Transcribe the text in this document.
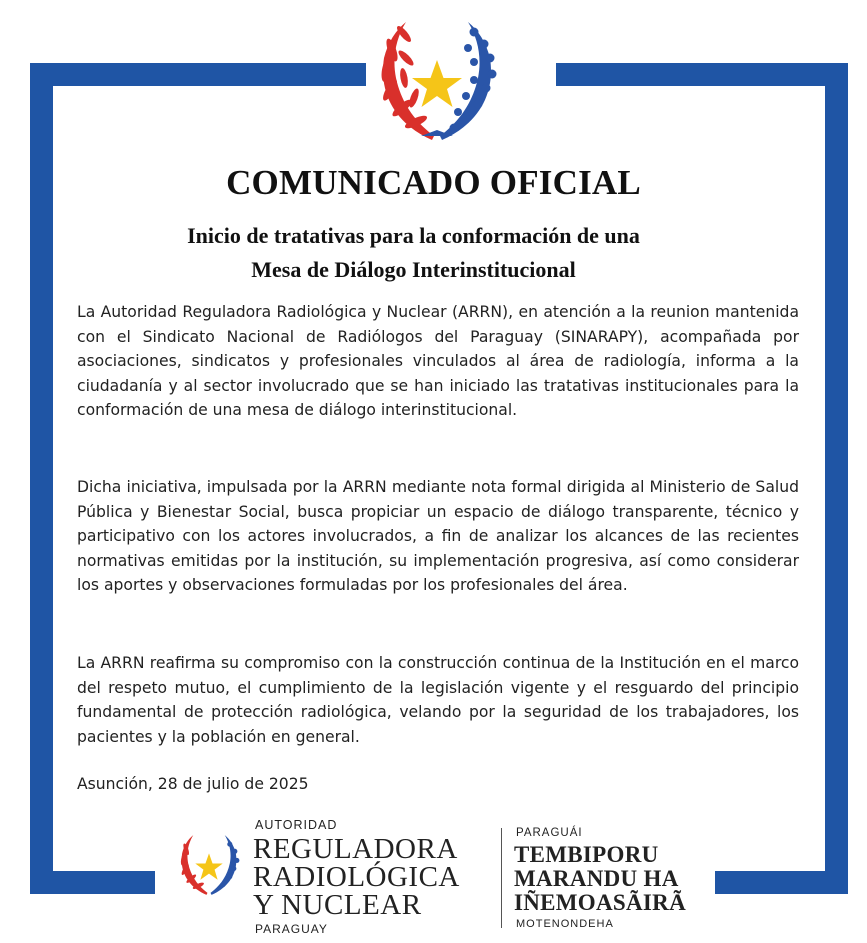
COMUNICADO OFICIAL
Inicio de tratativas para la conformación de una
Mesa de Diálogo Interinstitucional

La Autoridad Reguladora Radiológica y Nuclear (ARRN), en atención a la reunion mantenida con el Sindicato Nacional de Radiólogos del Paraguay (SINARAPY), acompañada por asociaciones, sindicatos y profesionales vinculados al área de radiología, informa a la ciudadanía y al sector involucrado que se han iniciado las tratativas institucionales para la conformación de una mesa de diálogo interinstitucional.

Dicha iniciativa, impulsada por la ARRN mediante nota formal dirigida al Ministerio de Salud Pública y Bienestar Social, busca propiciar un espacio de diálogo transparente, técnico y participativo con los actores involucrados, a fin de analizar los alcances de las recientes normativas emitidas por la institución, su implementación progresiva, así como considerar los aportes y observaciones formuladas por los profesionales del área.

La ARRN reafirma su compromiso con la construcción continua de la Institución en el marco del respeto mutuo, el cumplimiento de la legislación vigente y el resguardo del principio fundamental de protección radiológica, velando por la seguridad de los trabajadores, los pacientes y la población en general.

Asunción, 28 de julio de 2025

AUTORIDAD

REGULADORA

RADIOLÓGICA

Y NUCLEAR

PARAGUAY

PARAGUÁI

TEMBIPORU

MARANDU HA

IÑEMOASÃIRÃ

MOTENONDEHA
